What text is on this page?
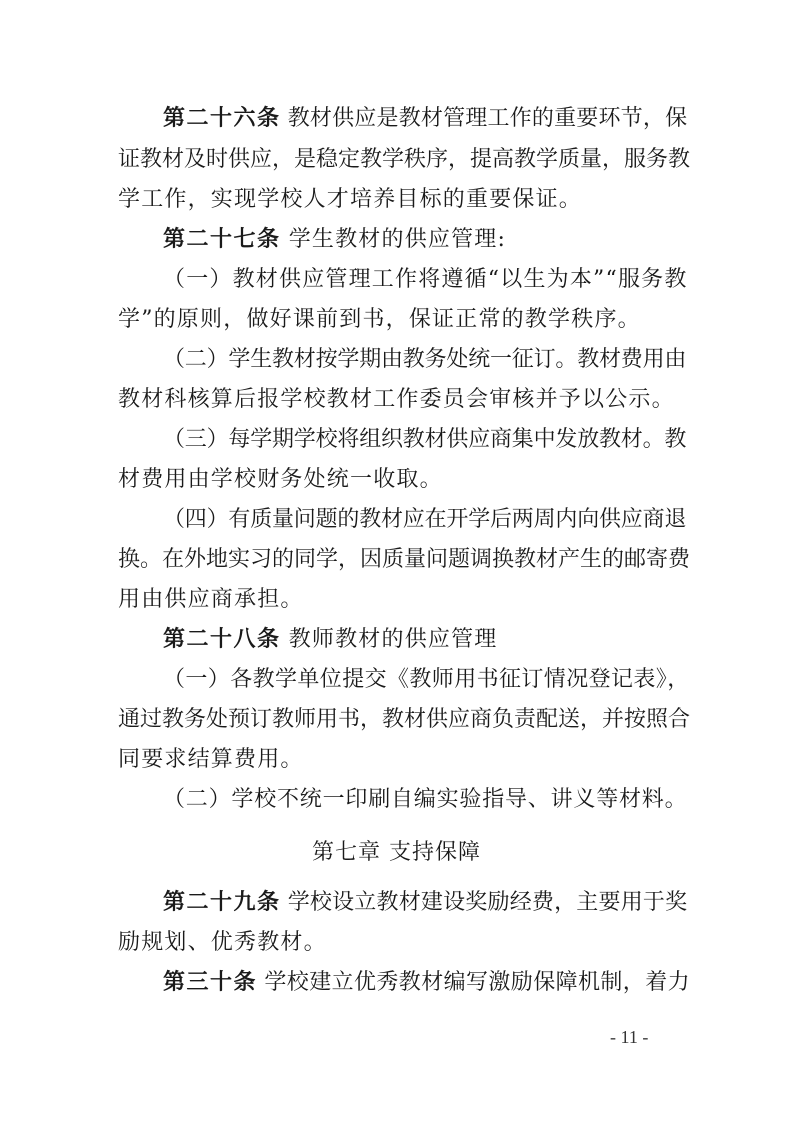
第二十六条 教材供应是教材管理工作的重要环节，保
证教材及时供应，是稳定教学秩序，提高教学质量，服务教
学工作，实现学校人才培养目标的重要保证。
第二十七条 学生教材的供应管理:
（一）教材供应管理工作将遵循“以生为本”“服务教
学”的原则，做好课前到书，保证正常的教学秩序。
（二）学生教材按学期由教务处统一征订。教材费用由
教材科核算后报学校教材工作委员会审核并予以公示。
（三）每学期学校将组织教材供应商集中发放教材。教
材费用由学校财务处统一收取。
（四）有质量问题的教材应在开学后两周内向供应商退
换。在外地实习的同学，因质量问题调换教材产生的邮寄费
用由供应商承担。
第二十八条 教师教材的供应管理
（一）各教学单位提交《教师用书征订情况登记表》，
通过教务处预订教师用书，教材供应商负责配送，并按照合
同要求结算费用。
（二）学校不统一印刷自编实验指导、讲义等材料。
第七章 支持保障
第二十九条 学校设立教材建设奖励经费，主要用于奖
励规划、优秀教材。
第三十条 学校建立优秀教材编写激励保障机制，着力
- 11 -
